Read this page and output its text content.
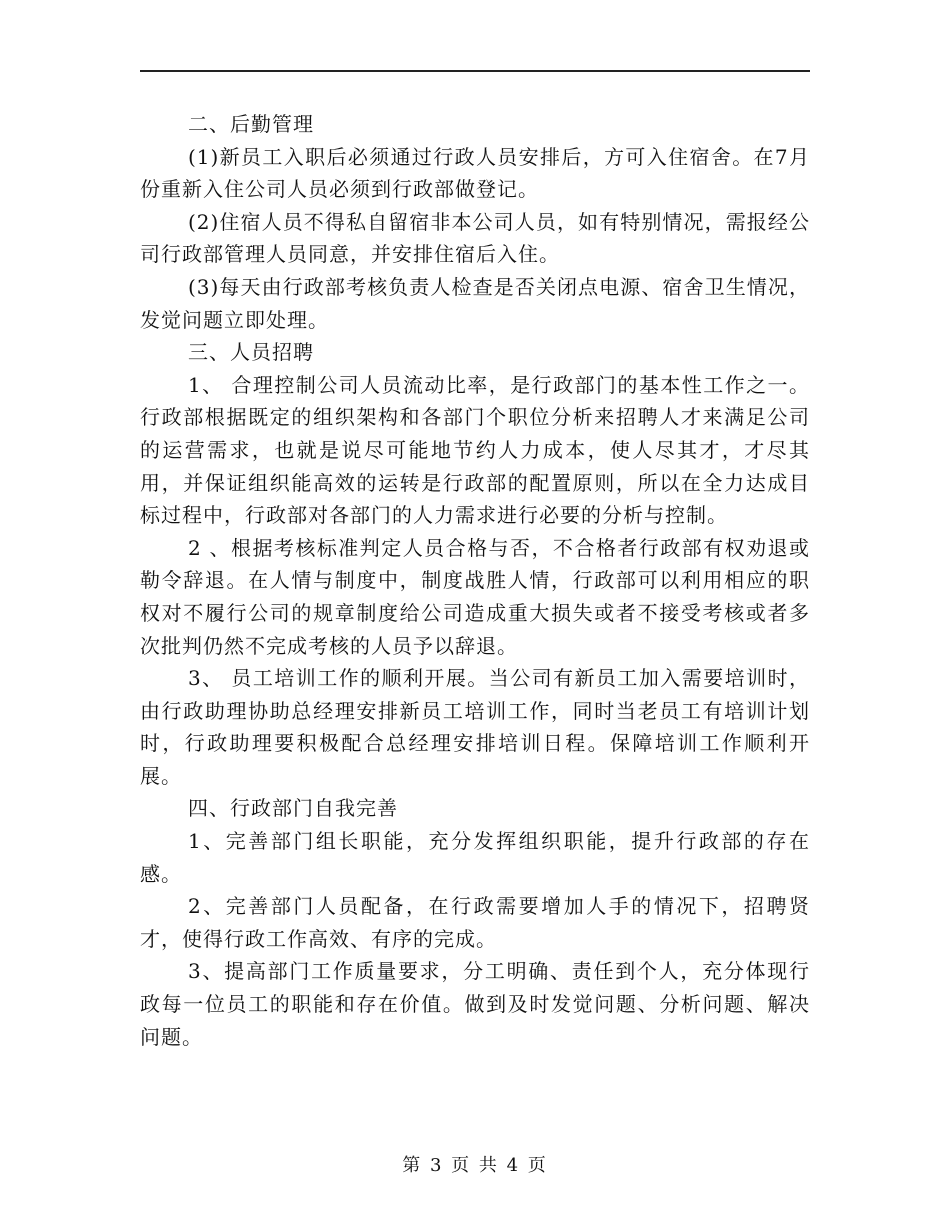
二、后勤管理

(1)新员工入职后必须通过行政人员安排后，方可入住宿舍。在7月份重新入住公司人员必须到行政部做登记。

(2)住宿人员不得私自留宿非本公司人员，如有特别情况，需报经公司行政部管理人员同意，并安排住宿后入住。

(3)每天由行政部考核负责人检查是否关闭点电源、宿舍卫生情况，发觉问题立即处理。

三、人员招聘

1、 合理控制公司人员流动比率，是行政部门的基本性工作之一。行政部根据既定的组织架构和各部门个职位分析来招聘人才来满足公司的运营需求，也就是说尽可能地节约人力成本，使人尽其才，才尽其用，并保证组织能高效的运转是行政部的配置原则，所以在全力达成目标过程中，行政部对各部门的人力需求进行必要的分析与控制。

2 、根据考核标准判定人员合格与否，不合格者行政部有权劝退或勒令辞退。在人情与制度中，制度战胜人情，行政部可以利用相应的职权对不履行公司的规章制度给公司造成重大损失或者不接受考核或者多次批判仍然不完成考核的人员予以辞退。

3、 员工培训工作的顺利开展。当公司有新员工加入需要培训时，由行政助理协助总经理安排新员工培训工作，同时当老员工有培训计划时，行政助理要积极配合总经理安排培训日程。保障培训工作顺利开展。

四、行政部门自我完善

1、完善部门组长职能，充分发挥组织职能，提升行政部的存在感。

2、完善部门人员配备，在行政需要增加人手的情况下，招聘贤才，使得行政工作高效、有序的完成。

3、提高部门工作质量要求，分工明确、责任到个人，充分体现行政每一位员工的职能和存在价值。做到及时发觉问题、分析问题、解决问题。

第 3 页 共 4 页
